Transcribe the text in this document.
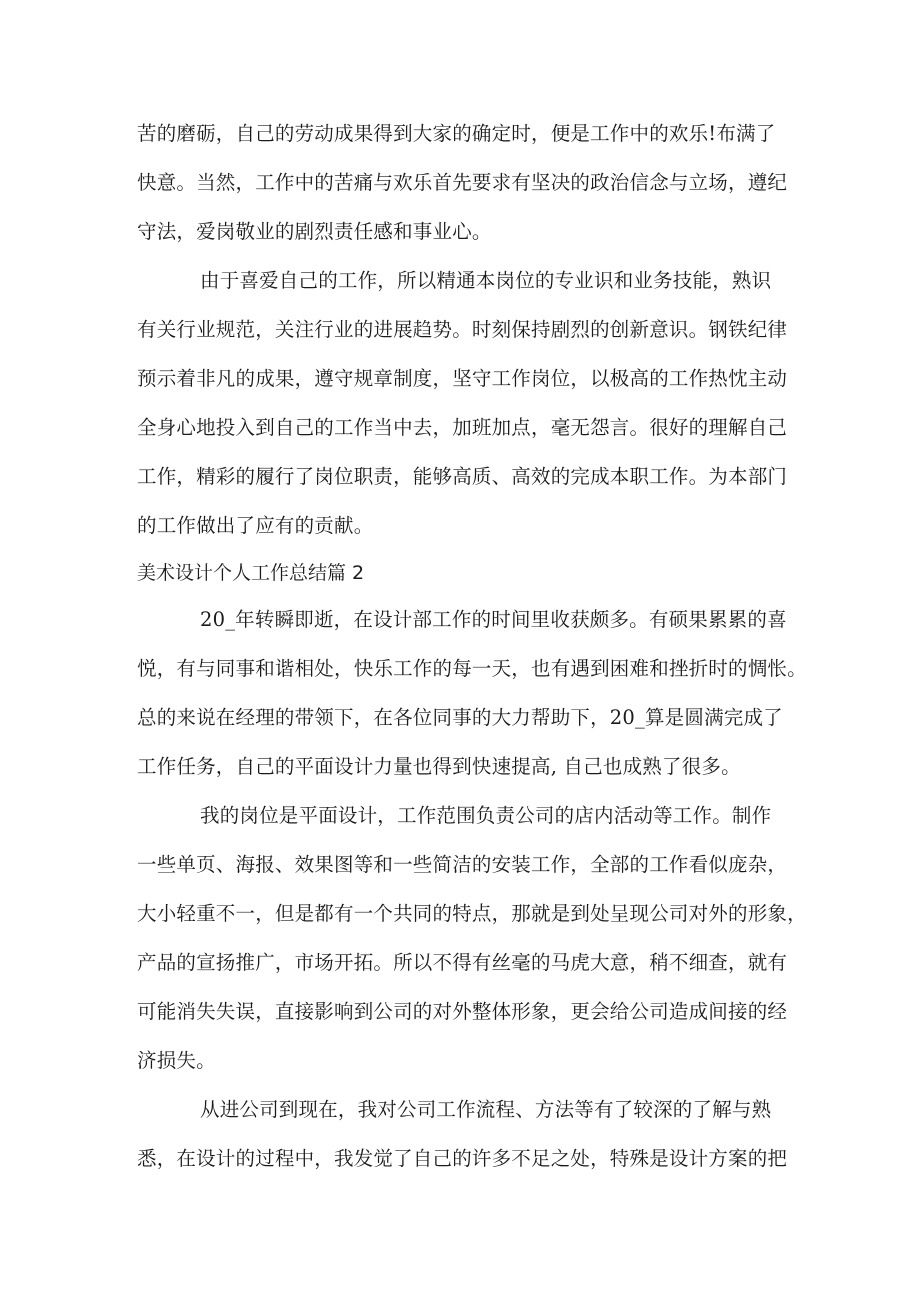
苦的磨砺，自己的劳动成果得到大家的确定时，便是工作中的欢乐!布满了
快意。当然，工作中的苦痛与欢乐首先要求有坚决的政治信念与立场，遵纪
守法，爱岗敬业的剧烈责任感和事业心。
由于喜爱自己的工作，所以精通本岗位的专业识和业务技能，熟识
有关行业规范，关注行业的进展趋势。时刻保持剧烈的创新意识。钢铁纪律
预示着非凡的成果，遵守规章制度，坚守工作岗位，以极高的工作热忱主动
全身心地投入到自己的工作当中去，加班加点，毫无怨言。很好的理解自己
工作，精彩的履行了岗位职责，能够高质、高效的完成本职工作。为本部门
的工作做出了应有的贡献。
美术设计个人工作总结篇 2
20_年转瞬即逝，在设计部工作的时间里收获颇多。有硕果累累的喜
悦，有与同事和谐相处，快乐工作的每一天，也有遇到困难和挫折时的惆怅。
总的来说在经理的带领下，在各位同事的大力帮助下，20_算是圆满完成了
工作任务，自己的平面设计力量也得到快速提高, 自己也成熟了很多。
我的岗位是平面设计，工作范围负责公司的店内活动等工作。制作
一些单页、海报、效果图等和一些简洁的安装工作，全部的工作看似庞杂，
大小轻重不一，但是都有一个共同的特点，那就是到处呈现公司对外的形象，
产品的宣扬推广，市场开拓。所以不得有丝毫的马虎大意，稍不细查，就有
可能消失失误，直接影响到公司的对外整体形象，更会给公司造成间接的经
济损失。
从进公司到现在，我对公司工作流程、方法等有了较深的了解与熟
悉，在设计的过程中，我发觉了自己的许多不足之处，特殊是设计方案的把
